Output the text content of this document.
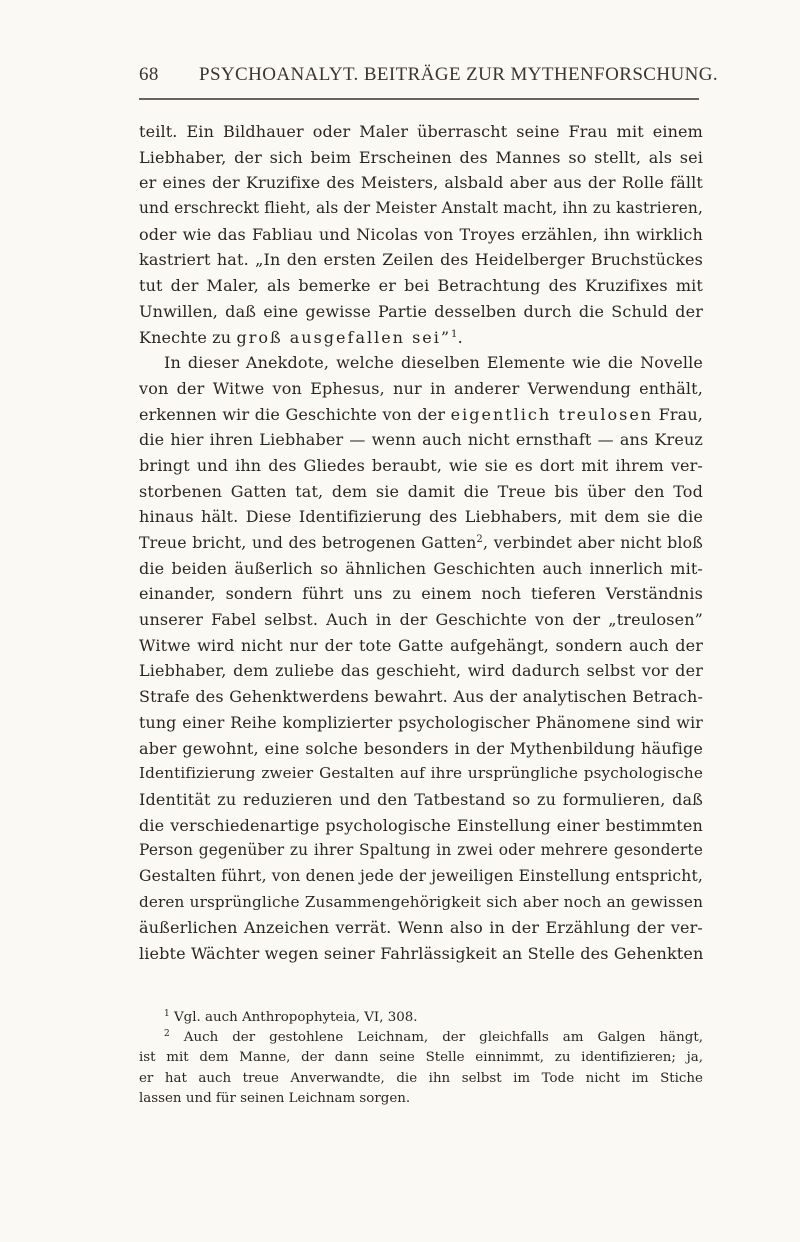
68 PSYCHOANALYT. BEITRÄGE ZUR MYTHENFORSCHUNG.
teilt. Ein Bildhauer oder Maler überrascht seine Frau mit einem
Liebhaber, der sich beim Erscheinen des Mannes so stellt, als sei
er eines der Kruzifixe des Meisters, alsbald aber aus der Rolle fällt
und erschreckt flieht, als der Meister Anstalt macht, ihn zu kastrieren,
oder wie das Fabliau und Nicolas von Troyes erzählen, ihn wirklich
kastriert hat. „In den ersten Zeilen des Heidelberger Bruchstückes
tut der Maler, als bemerke er bei Betrachtung des Kruzifixes mit
Unwillen, daß eine gewisse Partie desselben durch die Schuld der
Knechte zu groß ausgefallen sei”$^1$.
In dieser Anekdote, welche dieselben Elemente wie die Novelle
von der Witwe von Ephesus, nur in anderer Verwendung enthält,
erkennen wir die Geschichte von der eigentlich treulosen Frau,
die hier ihren Liebhaber — wenn auch nicht ernsthaft — ans Kreuz
bringt und ihn des Gliedes beraubt, wie sie es dort mit ihrem ver-
storbenen Gatten tat, dem sie damit die Treue bis über den Tod
hinaus hält. Diese Identifizierung des Liebhabers, mit dem sie die
Treue bricht, und des betrogenen Gatten$^2$, verbindet aber nicht bloß
die beiden äußerlich so ähnlichen Geschichten auch innerlich mit-
einander, sondern führt uns zu einem noch tieferen Verständnis
unserer Fabel selbst. Auch in der Geschichte von der „treulosen”
Witwe wird nicht nur der tote Gatte aufgehängt, sondern auch der
Liebhaber, dem zuliebe das geschieht, wird dadurch selbst vor der
Strafe des Gehenktwerdens bewahrt. Aus der analytischen Betrach-
tung einer Reihe komplizierter psychologischer Phänomene sind wir
aber gewohnt, eine solche besonders in der Mythenbildung häufige
Identifizierung zweier Gestalten auf ihre ursprüngliche psychologische
Identität zu reduzieren und den Tatbestand so zu formulieren, daß
die verschiedenartige psychologische Einstellung einer bestimmten
Person gegenüber zu ihrer Spaltung in zwei oder mehrere gesonderte
Gestalten führt, von denen jede der jeweiligen Einstellung entspricht,
deren ursprüngliche Zusammengehörigkeit sich aber noch an gewissen
äußerlichen Anzeichen verrät. Wenn also in der Erzählung der ver-
liebte Wächter wegen seiner Fahrlässigkeit an Stelle des Gehenkten
$^1$ Vgl. auch Anthropophyteia, VI, 308.
$^2$ Auch der gestohlene Leichnam, der gleichfalls am Galgen hängt,
ist mit dem Manne, der dann seine Stelle einnimmt, zu identifizieren; ja,
er hat auch treue Anverwandte, die ihn selbst im Tode nicht im Stiche
lassen und für seinen Leichnam sorgen.
